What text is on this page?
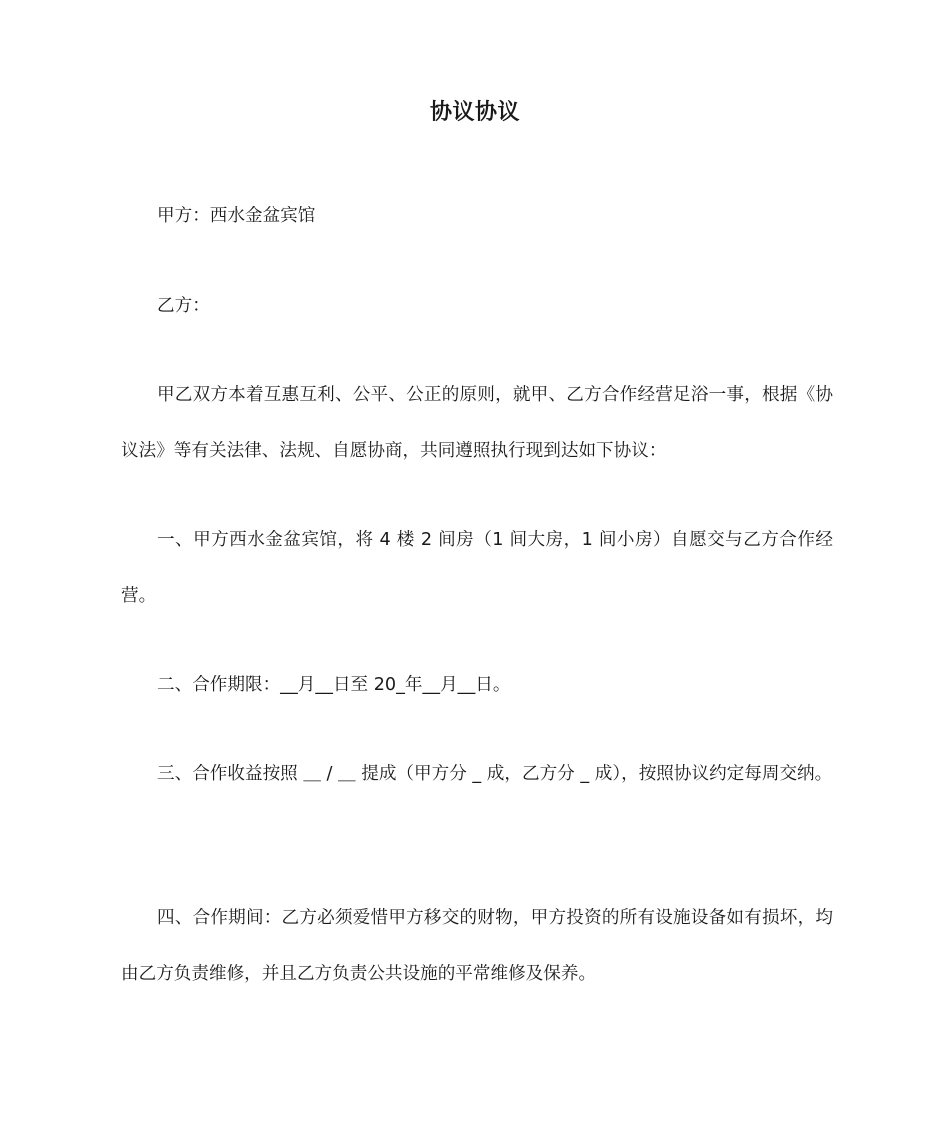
协议协议
甲方：西水金盆宾馆
乙方：
甲乙双方本着互惠互利、公平、公正的原则，就甲、乙方合作经营足浴一事，根据《协议法》等有关法律、法规、自愿协商，共同遵照执行现到达如下协议：
一、甲方西水金盆宾馆，将 4 楼 2 间房（1 间大房，1 间小房）自愿交与乙方合作经营。
二、合作期限：__月__日至 20_年__月__日。
三、合作收益按照 ＿ / ＿ 提成（甲方分 _ 成，乙方分 _ 成），按照协议约定每周交纳。
四、合作期间：乙方必须爱惜甲方移交的财物，甲方投资的所有设施设备如有损坏，均由乙方负责维修，并且乙方负责公共设施的平常维修及保养。
